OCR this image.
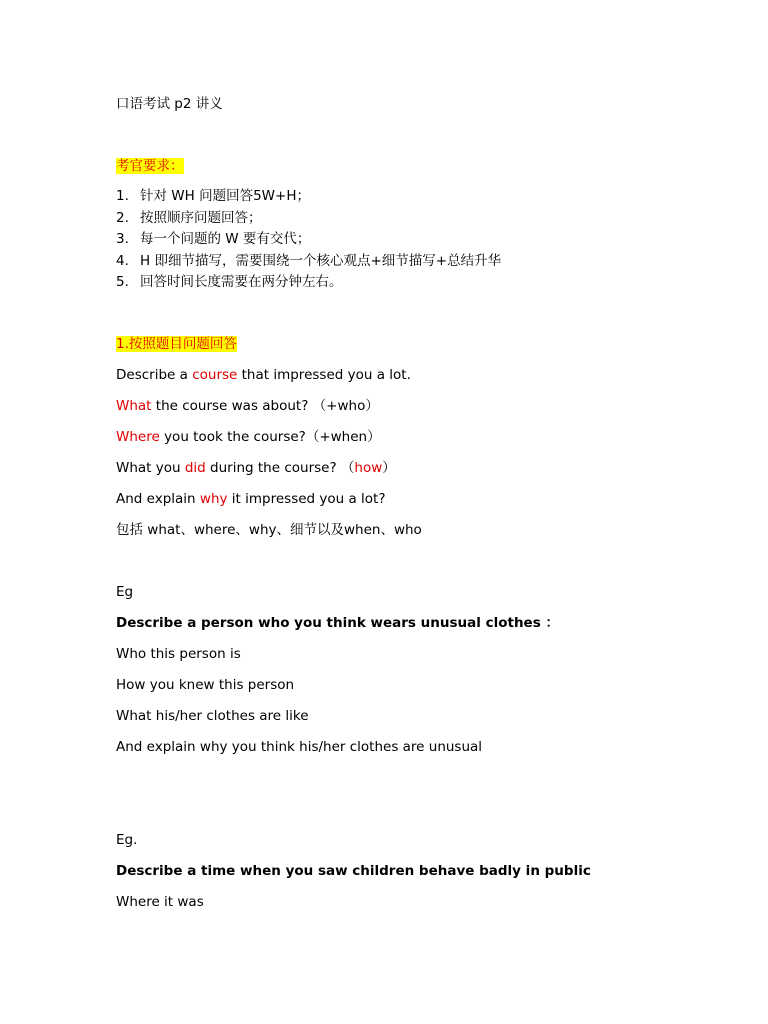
口语考试 p2 讲义
考官要求：
1. 针对 WH 问题回答5W+H；
2. 按照顺序问题回答；
3. 每一个问题的 W 要有交代；
4. H 即细节描写，需要围绕一个核心观点+细节描写+总结升华
5. 回答时间长度需要在两分钟左右。
1.按照题目问题回答
Describe a course that impressed you a lot.
What the course was about? （+who）
Where you took the course?（+when）
What you did during the course? （how）
And explain why it impressed you a lot?
包括 what、where、why、细节以及when、who
Eg
Describe a person who you think wears unusual clothes ：
Who this person is
How you knew this person
What his/her clothes are like
And explain why you think his/her clothes are unusual
Eg.
Describe a time when you saw children behave badly in public
Where it was
